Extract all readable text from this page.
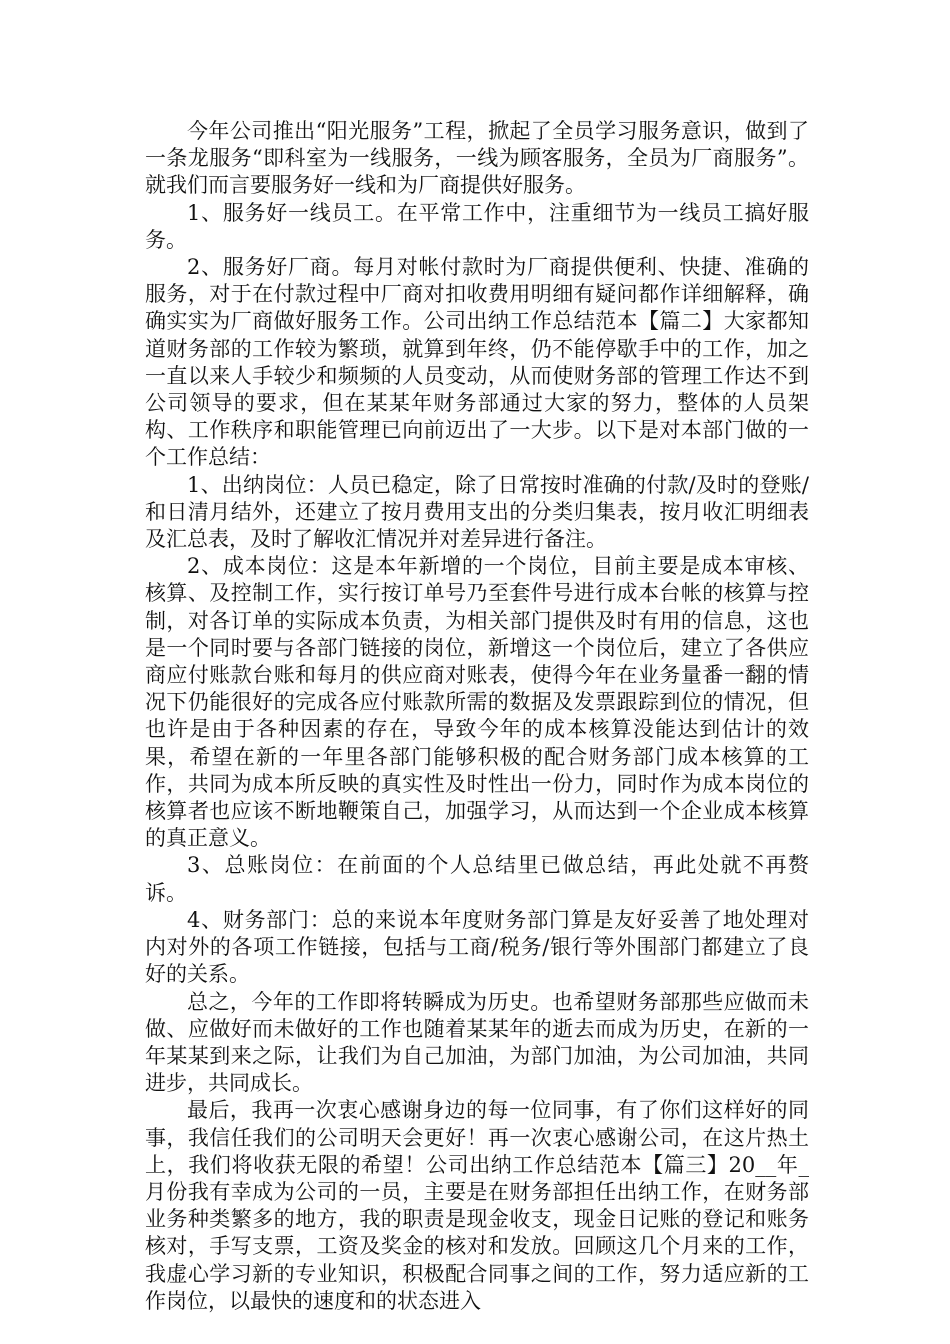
今年公司推出“阳光服务”工程，掀起了全员学习服务意识，做到了一条龙服务“即科室为一线服务，一线为顾客服务，全员为厂商服务”。就我们而言要服务好一线和为厂商提供好服务。

1、服务好一线员工。在平常工作中，注重细节为一线员工搞好服务。

2、服务好厂商。每月对帐付款时为厂商提供便利、快捷、准确的服务，对于在付款过程中厂商对扣收费用明细有疑问都作详细解释，确确实实为厂商做好服务工作。公司出纳工作总结范本【篇二】大家都知道财务部的工作较为繁琐，就算到年终，仍不能停歇手中的工作，加之一直以来人手较少和频频的人员变动，从而使财务部的管理工作达不到公司领导的要求，但在某某年财务部通过大家的努力，整体的人员架构、工作秩序和职能管理已向前迈出了一大步。以下是对本部门做的一个工作总结：

1、出纳岗位：人员已稳定，除了日常按时准确的付款/及时的登账/和日清月结外，还建立了按月费用支出的分类归集表，按月收汇明细表及汇总表，及时了解收汇情况并对差异进行备注。

2、成本岗位：这是本年新增的一个岗位，目前主要是成本审核、核算、及控制工作，实行按订单号乃至套件号进行成本台帐的核算与控制，对各订单的实际成本负责，为相关部门提供及时有用的信息，这也是一个同时要与各部门链接的岗位，新增这一个岗位后，建立了各供应商应付账款台账和每月的供应商对账表，使得今年在业务量番一翻的情况下仍能很好的完成各应付账款所需的数据及发票跟踪到位的情况，但也许是由于各种因素的存在，导致今年的成本核算没能达到估计的效果，希望在新的一年里各部门能够积极的配合财务部门成本核算的工作，共同为成本所反映的真实性及时性出一份力，同时作为成本岗位的核算者也应该不断地鞭策自己，加强学习，从而达到一个企业成本核算的真正意义。

3、总账岗位：在前面的个人总结里已做总结，再此处就不再赘诉。

4、财务部门：总的来说本年度财务部门算是友好妥善了地处理对内对外的各项工作链接，包括与工商/税务/银行等外围部门都建立了良好的关系。

总之，今年的工作即将转瞬成为历史。也希望财务部那些应做而未做、应做好而未做好的工作也随着某某年的逝去而成为历史，在新的一年某某到来之际，让我们为自己加油，为部门加油，为公司加油，共同进步，共同成长。

最后，我再一次衷心感谢身边的每一位同事，有了你们这样好的同事，我信任我们的公司明天会更好！再一次衷心感谢公司，在这片热土上，我们将收获无限的希望！公司出纳工作总结范本【篇三】20__年_月份我有幸成为公司的一员，主要是在财务部担任出纳工作，在财务部业务种类繁多的地方，我的职责是现金收支，现金日记账的登记和账务核对，手写支票，工资及奖金的核对和发放。回顾这几个月来的工作，我虚心学习新的专业知识，积极配合同事之间的工作，努力适应新的工作岗位，以最快的速度和的状态进入
